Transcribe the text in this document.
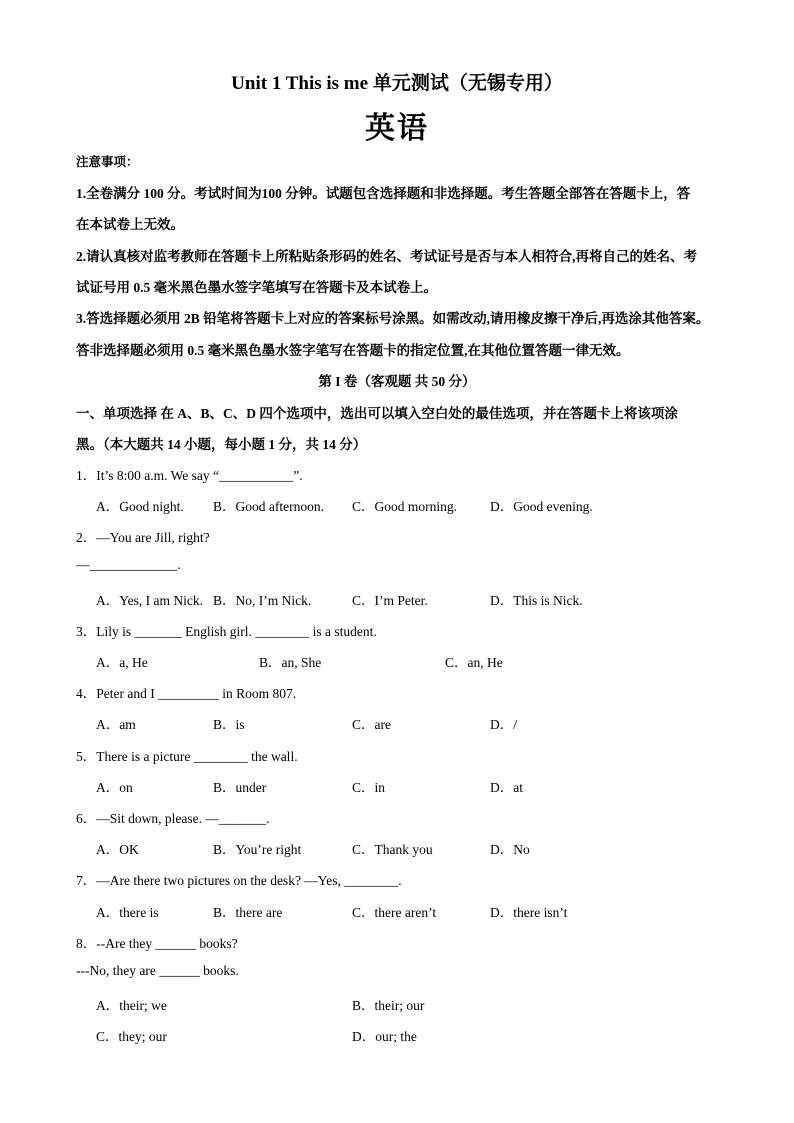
Unit 1 This is me 单元测试（无锡专用）
英语
注意事项：
1.全卷满分 100 分。考试时间为100 分钟。试题包含选择题和非选择题。考生答题全部答在答题卡上，答
在本试卷上无效。
2.请认真核对监考教师在答题卡上所粘贴条形码的姓名、考试证号是否与本人相符合,再将自己的姓名、考
试证号用 0.5 毫米黑色墨水签字笔填写在答题卡及本试卷上。
3.答选择题必须用 2B 铅笔将答题卡上对应的答案标号涂黑。如需改动,请用橡皮擦干净后,再选涂其他答案。
答非选择题必须用 0.5 毫米黑色墨水签字笔写在答题卡的指定位置,在其他位置答题一律无效。
第 I 卷（客观题 共 50 分）
一、单项选择 在 A、B、C、D 四个选项中，选出可以填入空白处的最佳选项，并在答题卡上将该项涂
黑。（本大题共 14 小题，每小题 1 分，共 14 分）
1．It’s 8:00 a.m. We say “___________”.
A．Good night. B．Good afternoon. C．Good morning. D．Good evening.
2．—You are Jill, right?
—_____________.
A．Yes, I am Nick. B．No, I’m Nick.	C．I’m Peter.	D．This is Nick.
3．Lily is _______ English girl. ________ is a student.
A．a, He	B．an, She	C．an, He
4．Peter and I _________ in Room 807.
A．am	B．is	C．are	D．/
5．There is a picture ________ the wall.
A．on	B．under	C．in	D．at
6．—Sit down, please. —_______.
A．OK	B．You’re right	C．Thank you	D．No
7．—Are there two pictures on the desk? —Yes, ________.
A．there is	B．there are	C．there aren’t	D．there isn’t
8．--Are they ______ books?
---No, they are ______ books.
A．their; we	B．their; our
C．they; our	D．our; the
